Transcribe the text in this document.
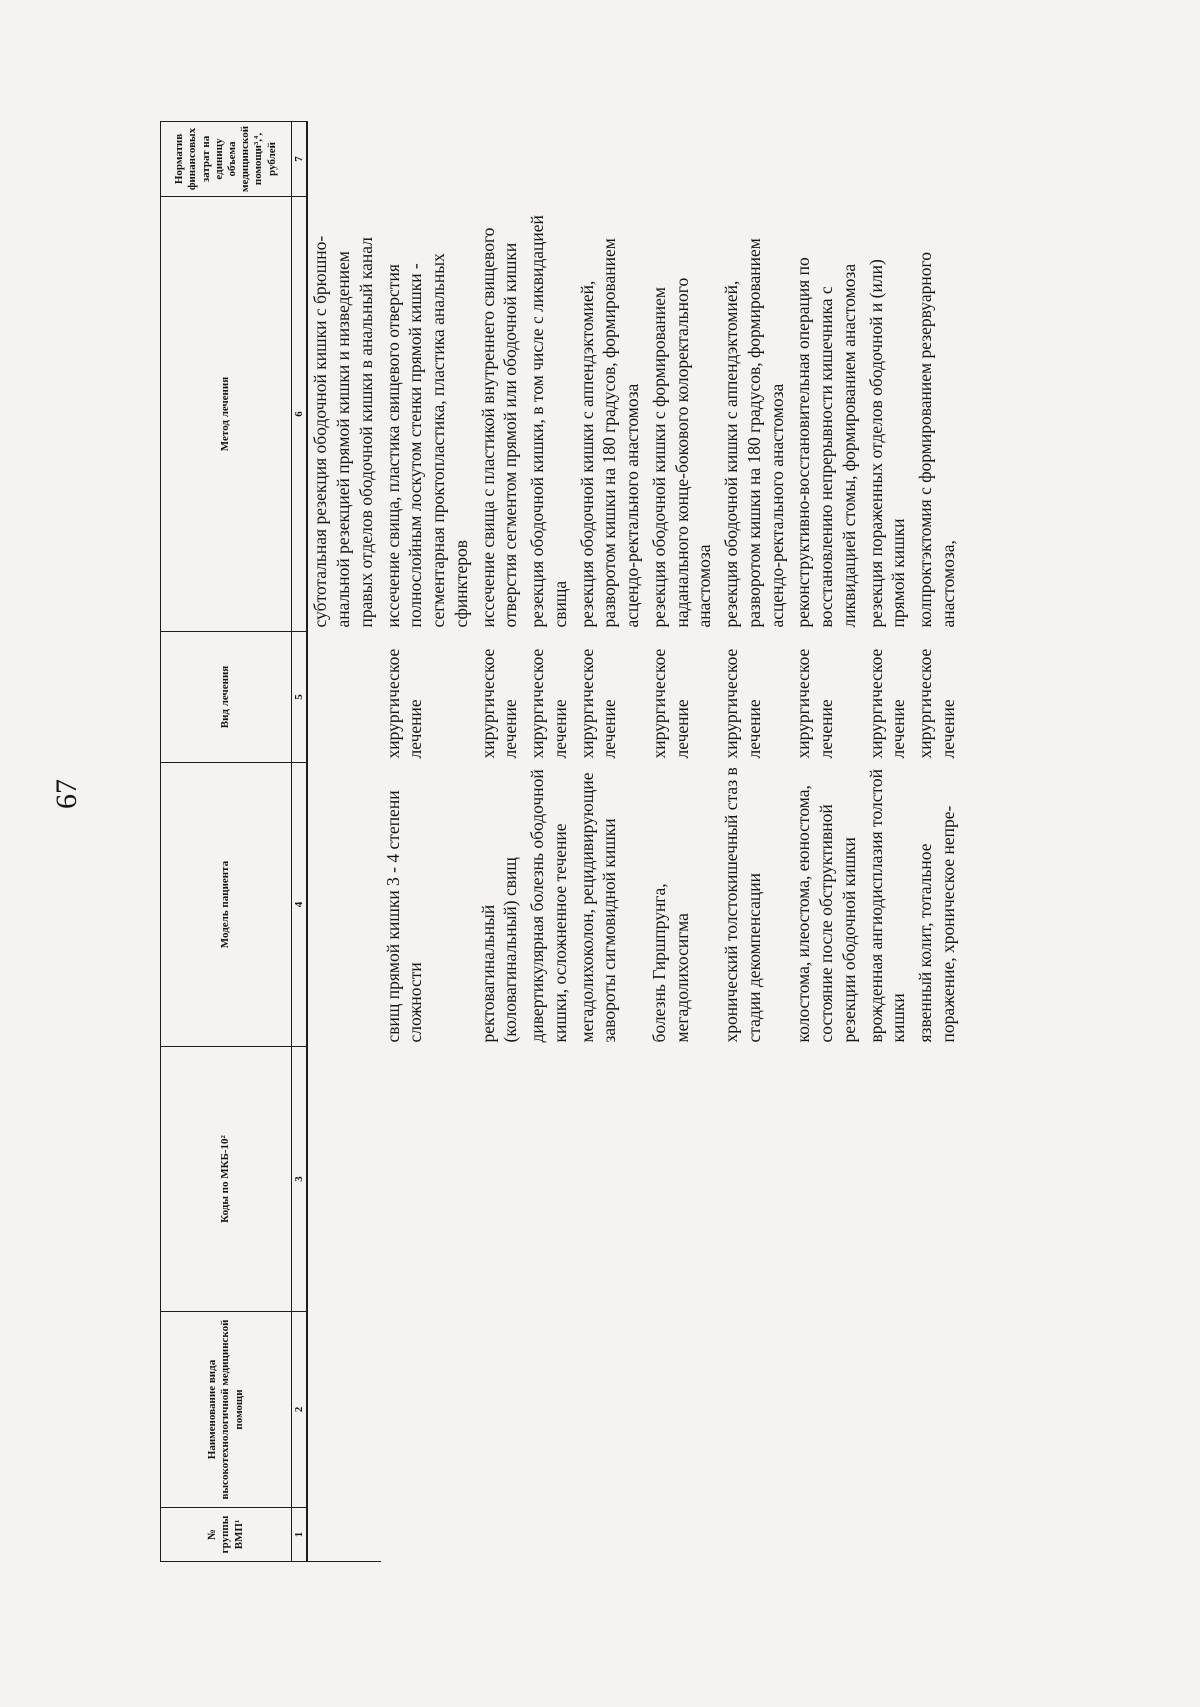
67
№ группы ВМП¹	Наименование вида высокотехнологичной медицинской помощи	Коды по МКБ-10²	Модель пациента	Вид лечения	Метод лечения	Норматив финансовых затрат на единицу объема медицинской помощи³,⁴, рублей
1	2	3	4	5	6	7

					субтотальная резекция ободочной кишки с брюшно-анальной резекцией прямой кишки и низведением правых отделов ободочной кишки в анальный канал	

			свищ прямой кишки 3 - 4 степени сложности	хирургическое лечение	иссечение свища, пластика свищевого отверстия полнослойным лоскутом стенки прямой кишки - сегментарная проктопластика, пластика анальных сфинктеров	

			ректовагинальный (коловагинальный) свищ	хирургическое лечение	иссечение свища с пластикой внутреннего свищевого отверстия сегментом прямой или ободочной кишки	

			дивертикулярная болезнь ободочной кишки, осложненное течение	хирургическое лечение	резекция ободочной кишки, в том числе с ликвидацией свища	

			мегадолихоколон, рецидивирующие завороты сигмовидной кишки	хирургическое лечение	резекция ободочной кишки с аппендэктомией, разворотом кишки на 180 градусов, формированием асцендо-ректального анастомоза	

			болезнь Гиршпрунга, мегадолихосигма	хирургическое лечение	резекция ободочной кишки с формированием наданального конце-бокового колоректального анастомоза	

			хронический толстокишечный стаз в стадии декомпенсации	хирургическое лечение	резекция ободочной кишки с аппендэктомией, разворотом кишки на 180 градусов, формированием асцендо-ректального анастомоза	

			колостома, илеостома, еюностома, состояние после обструктивной резекции ободочной кишки	хирургическое лечение	реконструктивно-восстановительная операция по восстановлению непрерывности кишечника с ликвидацией стомы, формированием анастомоза	

			врожденная ангиодисплазия толстой кишки	хирургическое лечение	резекция пораженных отделов ободочной и (или) прямой кишки	

			язвенный колит, тотальное поражение, хроническое непре-	хирургическое лечение	колпроктэктомия с формированием резервуарного анастомоза,	
